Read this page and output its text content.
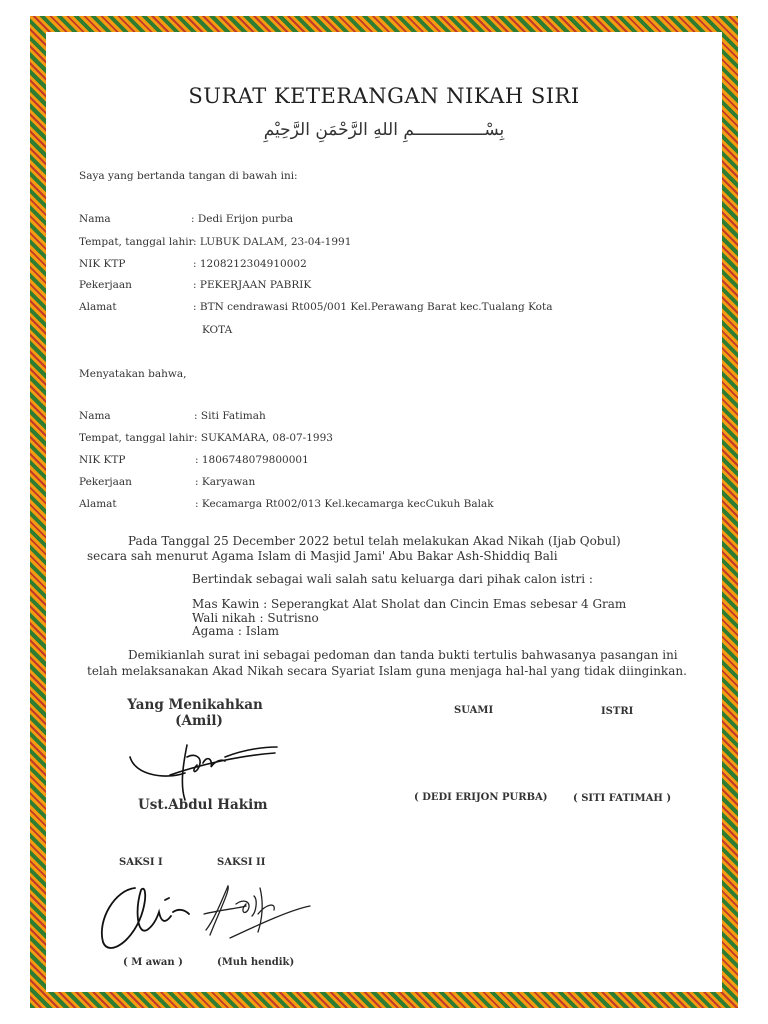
SURAT KETERANGAN NIKAH SIRI

بِسْــــــــــــــمِ اللهِ الرَّحْمَنِ الرَّحِيْمِ

Saya yang bertanda tangan di bawah ini:

Nama	: Dedi Erijon purba

Tempat, tanggal lahir : LUBUK DALAM, 23-04-1991

NIK KTP	: 1208212304910002

Pekerjaan	: PEKERJAAN PABRIK

Alamat	: BTN cendrawasi Rt005/001 Kel.Perawang Barat kec.Tualang Kota

KOTA

Menyatakan bahwa,

Nama	: Siti Fatimah

Tempat, tanggal lahir : SUKAMARA, 08-07-1993

NIK KTP	: 1806748079800001

Pekerjaan	: Karyawan

Alamat	: Kecamarga Rt002/013 Kel.kecamarga kecCukuh Balak

Pada Tanggal 25 December 2022 betul telah melakukan Akad Nikah (Ijab Qobul)

secara sah menurut Agama Islam di Masjid Jami' Abu Bakar Ash-Shiddiq Bali

Bertindak sebagai wali salah satu keluarga dari pihak calon istri :

Mas Kawin : Seperangkat Alat Sholat dan Cincin Emas sebesar 4 Gram

Wali nikah : Sutrisno

Agama : Islam

Demikianlah surat ini sebagai pedoman dan tanda bukti tertulis bahwasanya pasangan ini

telah melaksanakan Akad Nikah secara Syariat Islam guna menjaga hal-hal yang tidak diinginkan.

Yang Menikahkan

(Amil)

Ust.Abdul Hakim

SUAMI	ISTRI

( DEDI ERIJON PURBA)	( SITI FATIMAH )

SAKSI I	SAKSI II

( M awan )	(Muh hendik)
